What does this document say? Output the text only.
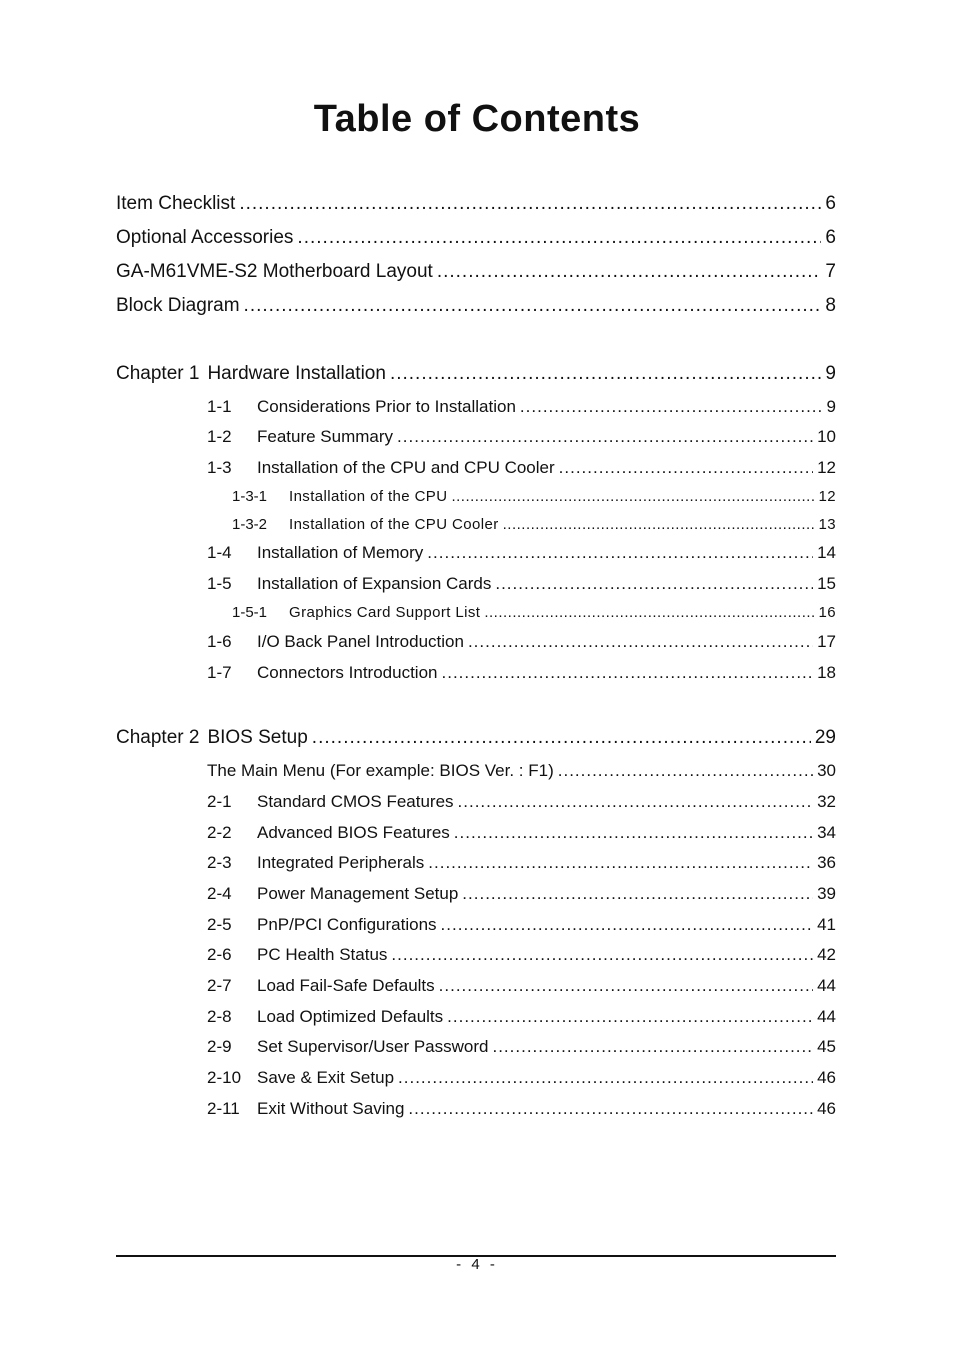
Table of Contents
Item Checklist .....	6
Optional Accessories .....	6
GA-M61VME-S2 Motherboard Layout .....	7
Block Diagram .....	8
Chapter 1 Hardware Installation .....	9
1-1	Considerations Prior to Installation .....	9
1-2	Feature Summary .....	10
1-3	Installation of the CPU and CPU Cooler .....	12
1-3-1	Installation of the CPU .....	12
1-3-2	Installation of the CPU Cooler .....	13
1-4	Installation of Memory .....	14
1-5	Installation of Expansion Cards .....	15
1-5-1	Graphics Card Support List .....	16
1-6	I/O Back Panel Introduction .....	17
1-7	Connectors Introduction .....	18
Chapter 2 BIOS Setup .....	29
The Main Menu (For example: BIOS Ver. : F1) .....	30
2-1	Standard CMOS Features .....	32
2-2	Advanced BIOS Features .....	34
2-3	Integrated Peripherals .....	36
2-4	Power Management Setup .....	39
2-5	PnP/PCI Configurations .....	41
2-6	PC Health Status .....	42
2-7	Load Fail-Safe Defaults .....	44
2-8	Load Optimized Defaults .....	44
2-9	Set Supervisor/User Password .....	45
2-10 Save & Exit Setup .....	46
2-11	Exit Without Saving .....	46
- 4 -
